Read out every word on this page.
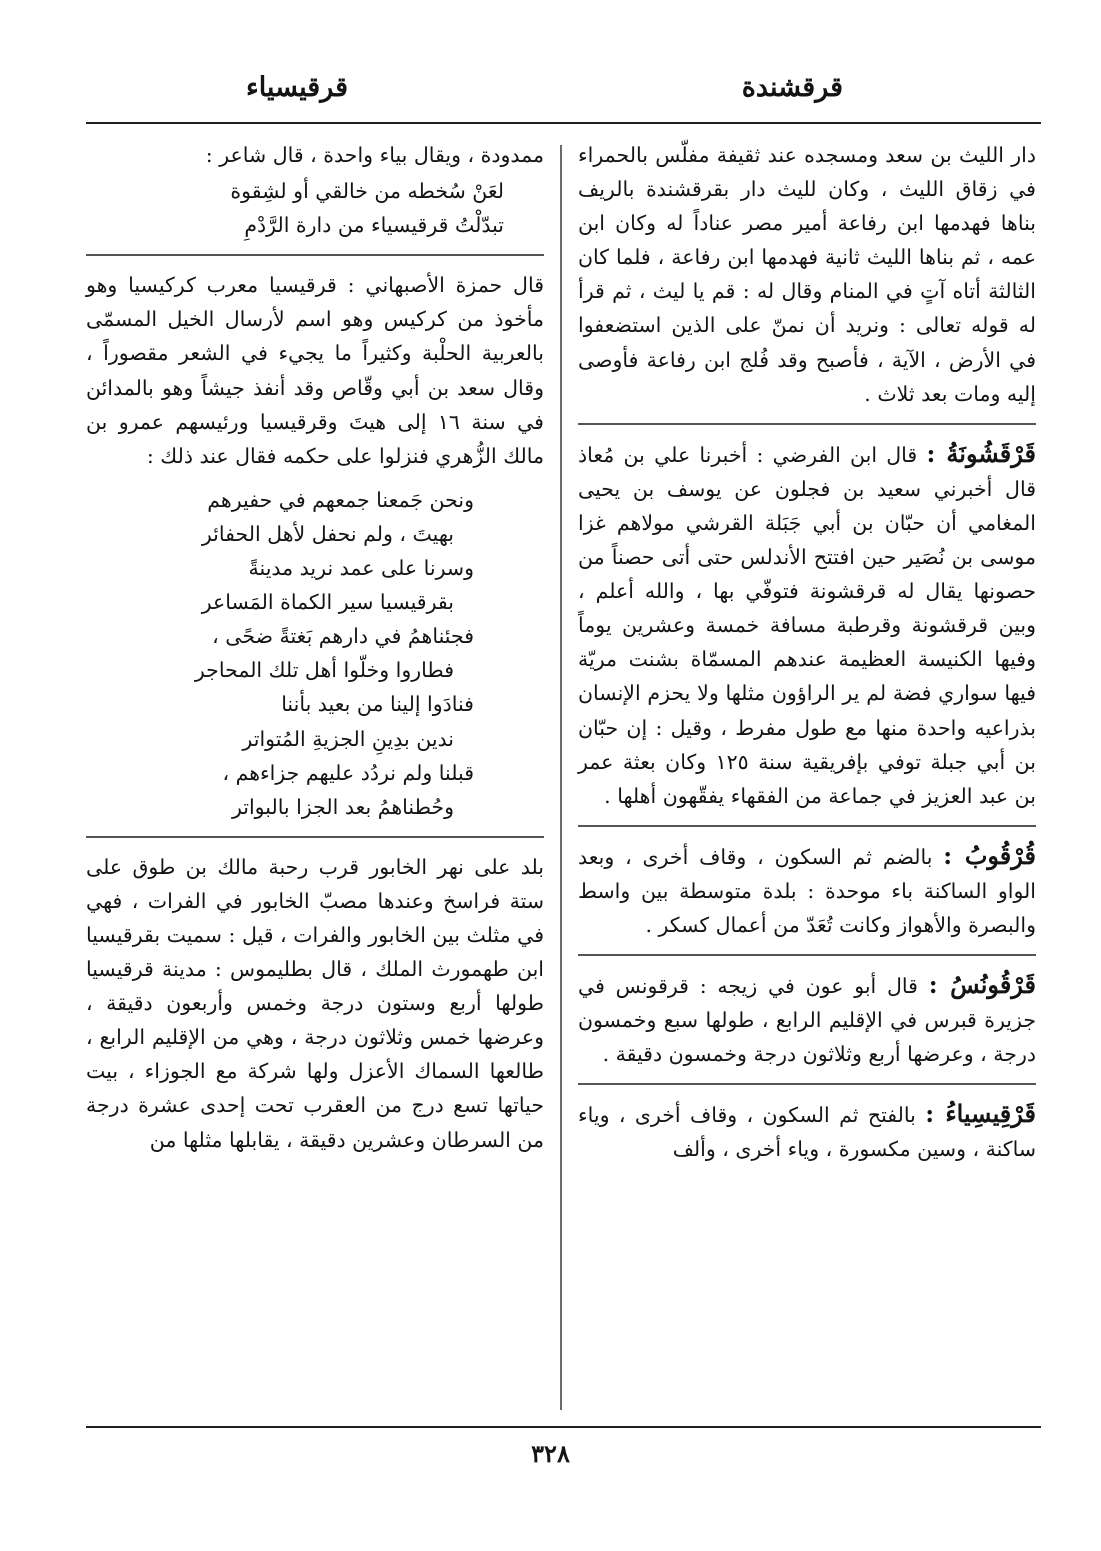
قرقشندة
قرقيسياء

دار الليث بن سعد ومسجده عند ثقيفة مفلّس بالحمراء في زقاق الليث ، وكان لليث دار بقرقشندة بالريف بناها فهدمها ابن رفاعة أمير مصر عناداً له وكان ابن عمه ، ثم بناها الليث ثانية فهدمها ابن رفاعة ، فلما كان الثالثة أتاه آتٍ في المنام وقال له : قم يا ليث ، ثم قرأ له قوله تعالى : ونريد أن نمنّ على الذين استضعفوا في الأرض ، الآية ، فأصبح وقد فُلج ابن رفاعة فأوصى إليه ومات بعد ثلاث .

قَرْقَشُونَةُ : قال ابن الفرضي : أخبرنا علي بن مُعاذ قال أخبرني سعيد بن فجلون عن يوسف بن يحيى المغامي أن حبّان بن أبي جَبَلة القرشي مولاهم غزا موسى بن نُصَير حين افتتح الأندلس حتى أتى حصناً من حصونها يقال له قرقشونة فتوفّي بها ، والله أعلم ، وبين قرقشونة وقرطبة مسافة خمسة وعشرين يوماً وفيها الكنيسة العظيمة عندهم المسمّاة بشنت مريّة فيها سواري فضة لم ير الراؤون مثلها ولا يحزم الإنسان بذراعيه واحدة منها مع طول مفرط ، وقيل : إن حبّان بن أبي جبلة توفي بإفريقية سنة ١٢٥ وكان بعثة عمر بن عبد العزيز في جماعة من الفقهاء يفقّهون أهلها .

قُرْقُوبُ : بالضم ثم السكون ، وقاف أخرى ، وبعد الواو الساكنة باء موحدة : بلدة متوسطة بين واسط والبصرة والأهواز وكانت تُعَدّ من أعمال كسكر .

قَرْقُونُسُ : قال أبو عون في زيجه : قرقونس في جزيرة قبرس في الإقليم الرابع ، طولها سبع وخمسون درجة ، وعرضها أربع وثلاثون درجة وخمسون دقيقة .

قَرْقِيسِياءُ : بالفتح ثم السكون ، وقاف أخرى ، وياء ساكنة ، وسين مكسورة ، وياء أخرى ، وألف

ممدودة ، ويقال بياء واحدة ، قال شاعر :

لعَنْ سُخطه من خالقي أو لشِقوة
تبدّلْتُ قرقيسياء من دارة الرَّدْمِ

قال حمزة الأصبهاني : قرقيسيا معرب كركيسيا وهو مأخوذ من كركيس وهو اسم لأرسال الخيل المسمّى بالعربية الحلْبة وكثيراً ما يجيء في الشعر مقصوراً ، وقال سعد بن أبي وقّاص وقد أنفذ جيشاً وهو بالمدائن في سنة ١٦ إلى هيتَ وقرقيسيا ورئيسهم عمرو بن مالك الزُّهري فنزلوا على حكمه فقال عند ذلك :

ونحن جَمعنا جمعهم في حفيرهم
بهيتَ ، ولم نحفل لأهل الحفائر
وسرنا على عمد نريد مدينةً
بقرقيسيا سير الكماة المَساعر
فجئناهمُ في دارهم بَغتةً ضحًى ،
فطاروا وخلّوا أهل تلك المحاجر
فنادَوا إلينا من بعيد بأننا
ندين بدِينِ الجزيةِ المُتواتر
قبلنا ولم نردُد عليهم جزاءهم ،
وحُطناهمُ بعد الجزا بالبواتر

بلد على نهر الخابور قرب رحبة مالك بن طوق على ستة فراسخ وعندها مصبّ الخابور في الفرات ، فهي في مثلث بين الخابور والفرات ، قيل : سميت بقرقيسيا ابن طهمورث الملك ، قال بطليموس : مدينة قرقيسيا طولها أربع وستون درجة وخمس وأربعون دقيقة ، وعرضها خمس وثلاثون درجة ، وهي من الإقليم الرابع ، طالعها السماك الأعزل ولها شركة مع الجوزاء ، بيت حياتها تسع درج من العقرب تحت إحدى عشرة درجة من السرطان وعشرين دقيقة ، يقابلها مثلها من

٣٢٨
